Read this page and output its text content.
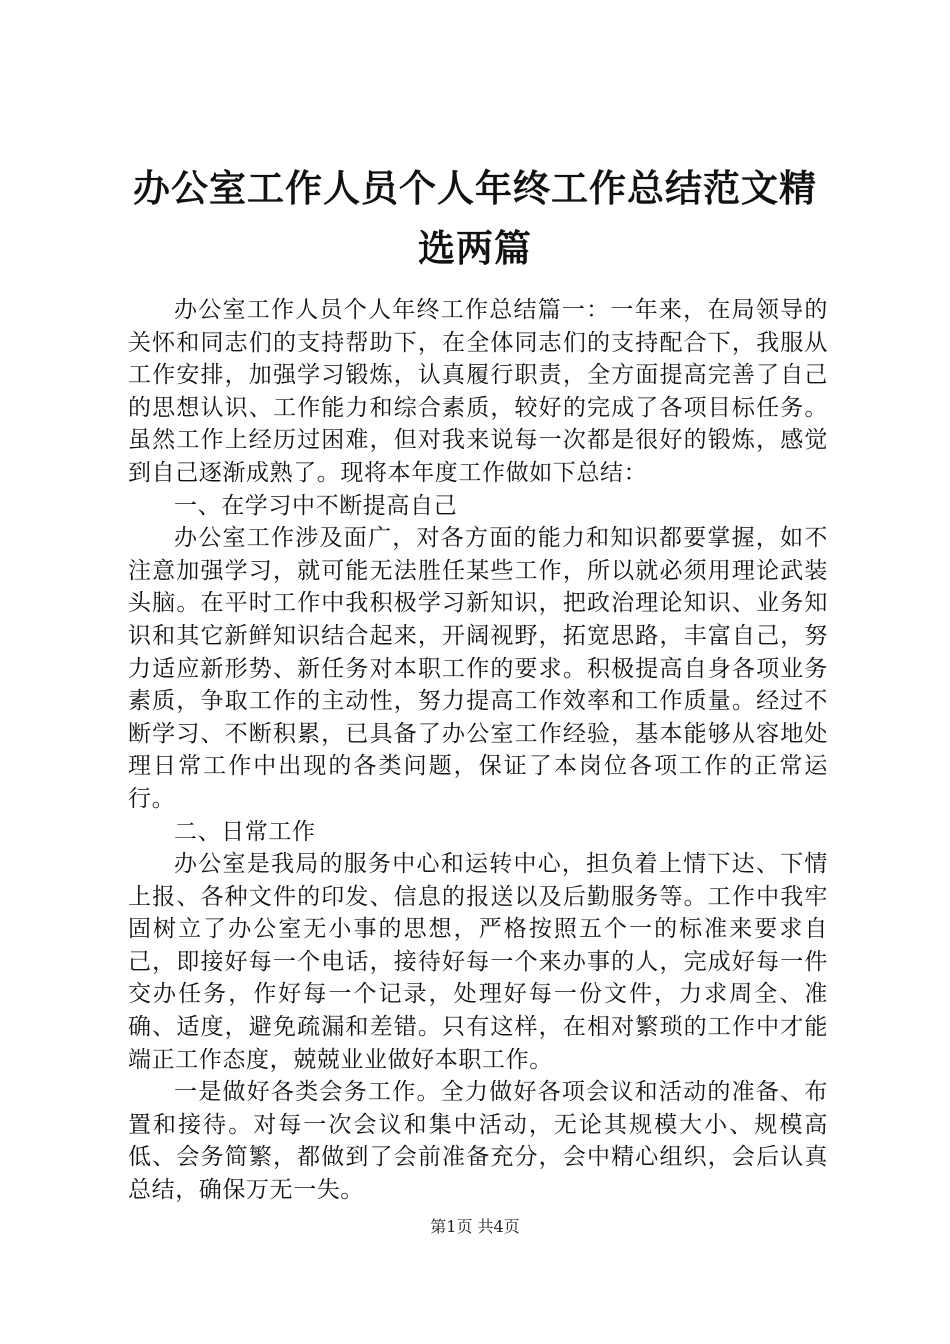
办公室工作人员个人年终工作总结范文精选两篇

办公室工作人员个人年终工作总结篇一：一年来，在局领导的关怀和同志们的支持帮助下，在全体同志们的支持配合下，我服从工作安排，加强学习锻炼，认真履行职责，全方面提高完善了自己的思想认识、工作能力和综合素质，较好的完成了各项目标任务。虽然工作上经历过困难，但对我来说每一次都是很好的锻炼，感觉到自己逐渐成熟了。现将本年度工作做如下总结：

一、在学习中不断提高自己

办公室工作涉及面广，对各方面的能力和知识都要掌握，如不注意加强学习，就可能无法胜任某些工作，所以就必须用理论武装头脑。在平时工作中我积极学习新知识，把政治理论知识、业务知识和其它新鲜知识结合起来，开阔视野，拓宽思路，丰富自己，努力适应新形势、新任务对本职工作的要求。积极提高自身各项业务素质，争取工作的主动性，努力提高工作效率和工作质量。经过不断学习、不断积累，已具备了办公室工作经验，基本能够从容地处理日常工作中出现的各类问题，保证了本岗位各项工作的正常运行。

二、日常工作

办公室是我局的服务中心和运转中心，担负着上情下达、下情上报、各种文件的印发、信息的报送以及后勤服务等。工作中我牢固树立了办公室无小事的思想，严格按照五个一的标准来要求自己，即接好每一个电话，接待好每一个来办事的人，完成好每一件交办任务，作好每一个记录，处理好每一份文件，力求周全、准确、适度，避免疏漏和差错。只有这样，在相对繁琐的工作中才能端正工作态度，兢兢业业做好本职工作。

一是做好各类会务工作。全力做好各项会议和活动的准备、布置和接待。对每一次会议和集中活动，无论其规模大小、规模高低、会务简繁，都做到了会前准备充分，会中精心组织，会后认真总结，确保万无一失。

第1页 共4页
